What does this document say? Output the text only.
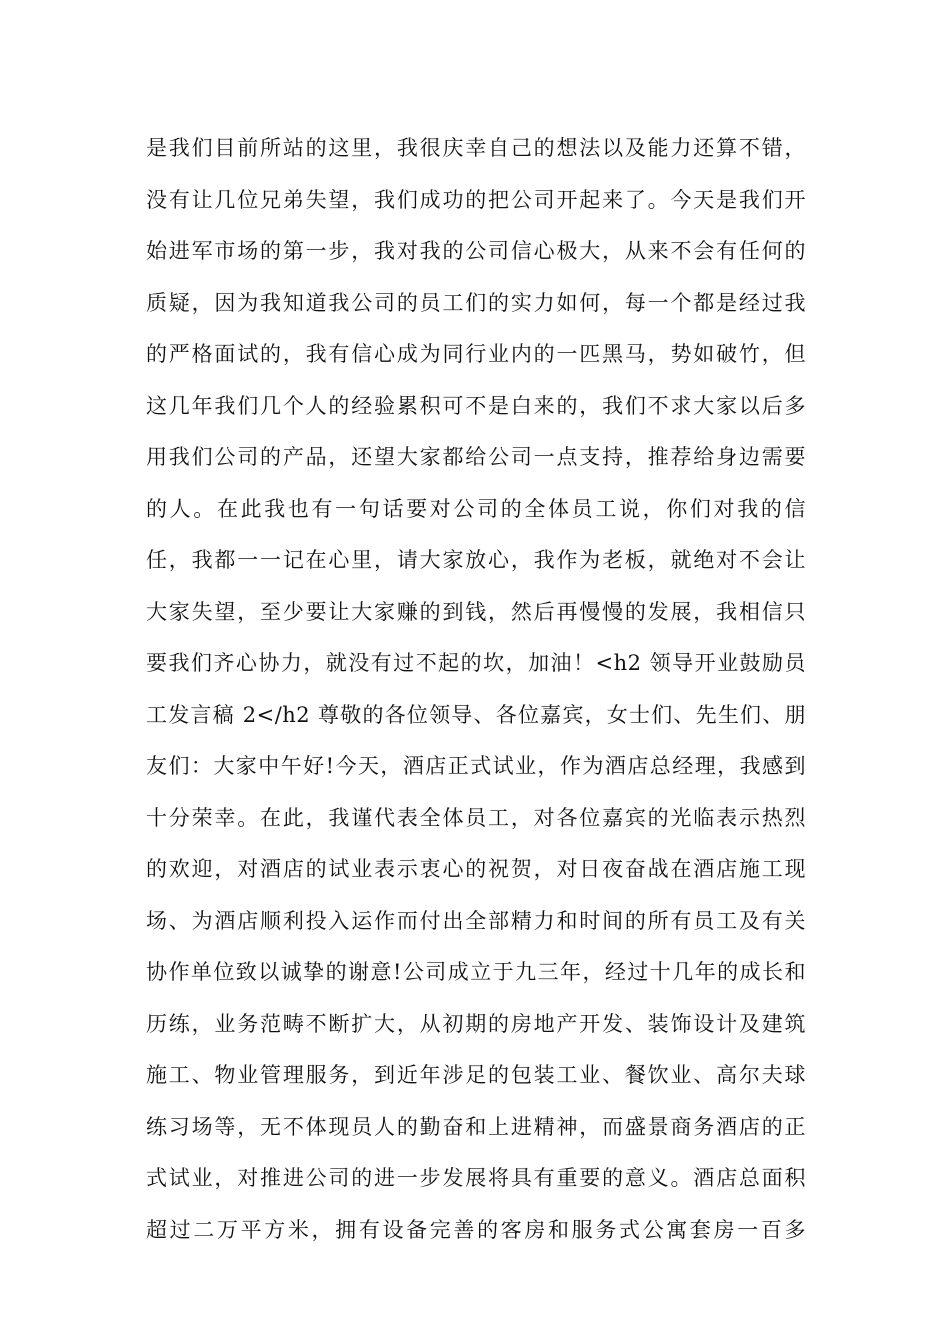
是我们目前所站的这里，我很庆幸自己的想法以及能力还算不错，
没有让几位兄弟失望，我们成功的把公司开起来了。今天是我们开
始进军市场的第一步，我对我的公司信心极大，从来不会有任何的
质疑，因为我知道我公司的员工们的实力如何，每一个都是经过我
的严格面试的，我有信心成为同行业内的一匹黑马，势如破竹，但
这几年我们几个人的经验累积可不是白来的，我们不求大家以后多
用我们公司的产品，还望大家都给公司一点支持，推荐给身边需要
的人。在此我也有一句话要对公司的全体员工说，你们对我的信
任，我都一一记在心里，请大家放心，我作为老板，就绝对不会让
大家失望，至少要让大家赚的到钱，然后再慢慢的发展，我相信只
要我们齐心协力，就没有过不起的坎，加油！<h2 领导开业鼓励员
工发言稿 2</h2 尊敬的各位领导、各位嘉宾，女士们、先生们、朋
友们：大家中午好!今天，酒店正式试业，作为酒店总经理，我感到
十分荣幸。在此，我谨代表全体员工，对各位嘉宾的光临表示热烈
的欢迎，对酒店的试业表示衷心的祝贺，对日夜奋战在酒店施工现
场、为酒店顺利投入运作而付出全部精力和时间的所有员工及有关
协作单位致以诚挚的谢意!公司成立于九三年，经过十几年的成长和
历练，业务范畴不断扩大，从初期的房地产开发、装饰设计及建筑
施工、物业管理服务，到近年涉足的包装工业、餐饮业、高尔夫球
练习场等，无不体现员人的勤奋和上进精神，而盛景商务酒店的正
式试业，对推进公司的进一步发展将具有重要的意义。酒店总面积
超过二万平方米，拥有设备完善的客房和服务式公寓套房一百多
